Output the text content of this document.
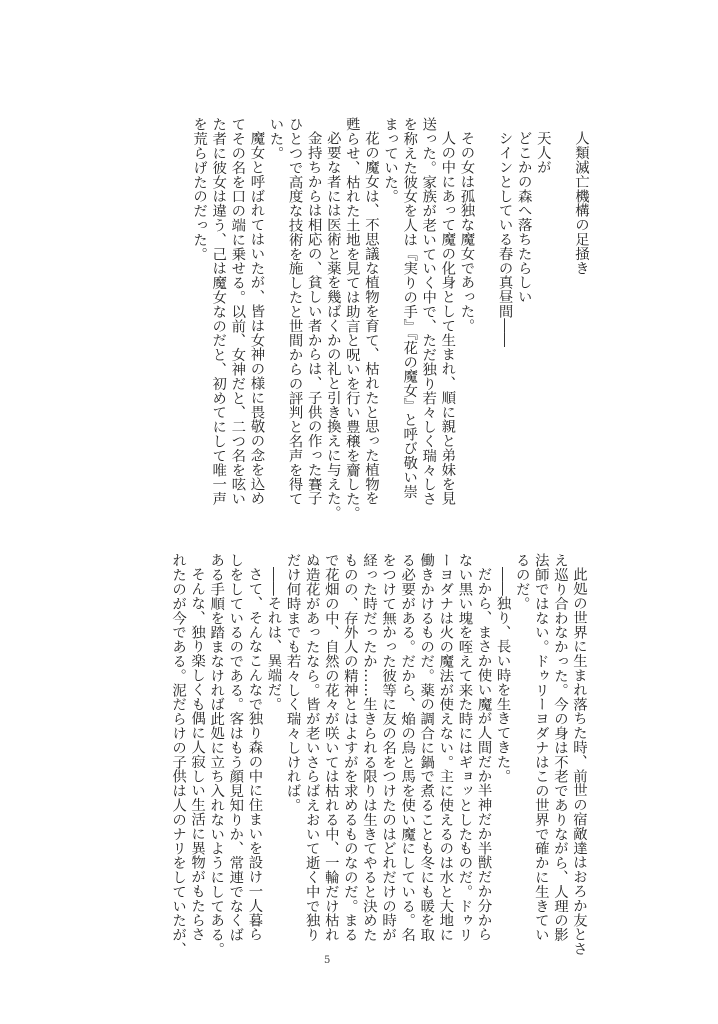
人類滅亡機構の足掻き

天人が

どこかの森へ落ちたらしい

シインとしている春の真昼間――

その女は孤独な魔女であった。

人の中にあって魔の化身として生まれ、順に親と弟妹を見

送った。家族が老いていく中で、ただ独り若々しく瑞々しさ

を称えた彼女を人は『実りの手』『花の魔女』と呼び敬い崇

まっていた。

花の魔女は、不思議な植物を育て、枯れたと思った植物を

甦らせ、枯れた土地を見ては助言と呪いを行い豊穣を齎した。

必要な者には医術と薬を幾ばくかの礼と引き換えに与えた。

金持ちからは相応の、貧しい者からは、子供の作った賽子

ひとつで高度な技術を施したと世間からの評判と名声を得て

いた。

魔女と呼ばれてはいたが、皆は女神の様に畏敬の念を込め

てその名を口の端に乗せる。以前、女神だと、二つ名を呟い

た者に彼女は違う、己は魔女なのだと、初めてにして唯一声

を荒らげたのだった。

此処の世界に生まれ落ちた時、前世の宿敵達はおろか友とさ

え巡り合わなかった。今の身は不老でありながら、人理の影

法師ではない。ドゥリーヨダナはこの世界で確かに生きてい

るのだ。

――独り、長い時を生きてきた。

だから、まさか使い魔が人間だか半神だか半獣だか分から

ない黒い塊を咥えて来た時にはギョッとしたものだ。ドゥリ

ーヨダナは火の魔法が使えない。主に使えるのは水と大地に

働きかけるものだ。薬の調合に鍋で煮ることも冬にも暖を取

る必要がある。だから、焔の鳥と馬を使い魔にしている。名

をつけて無かった彼等に友の名をつけたのはどれだけの時が

経った時だったか……生きられる限りは生きてやると決めた

ものの、存外人の精神とはよすがを求めるものなのだ。まる

で花畑の中、自然の花々が咲いては枯れる中、一輪だけ枯れ

ぬ造花があったなら。皆が老いさらばえおいて逝く中で独り

だけ何時までも若々しく瑞々しければ。

――それは、異端だ。

さて、そんなこんなで独り森の中に住まいを設け一人暮ら

しをしているのである。客はもう顔見知りか、常連でなくば

ある手順を踏まなければ此処に立ち入れないようにしてある。

そんな、独り楽しくも偶に人寂しい生活に異物がもたらさ

れたのが今である。泥だらけの子供は人のナリをしていたが、

5
